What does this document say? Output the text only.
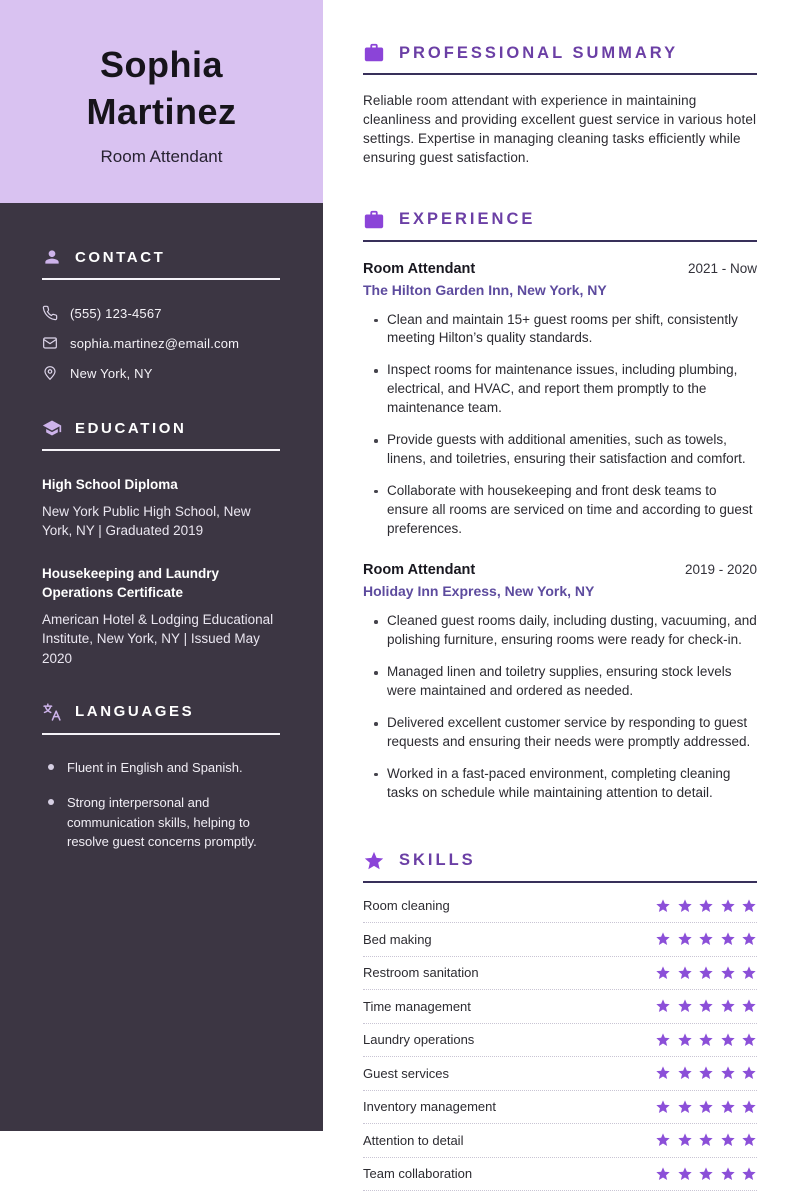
Sophia Martinez
Room Attendant
CONTACT
(555) 123-4567
sophia.martinez@email.com
New York, NY
EDUCATION
High School Diploma
New York Public High School, New York, NY | Graduated 2019
Housekeeping and Laundry Operations Certificate
American Hotel & Lodging Educational Institute, New York, NY | Issued May 2020
LANGUAGES
Fluent in English and Spanish.
Strong interpersonal and communication skills, helping to resolve guest concerns promptly.
PROFESSIONAL SUMMARY

Reliable room attendant with experience in maintaining cleanliness and providing excellent guest service in various hotel settings. Expertise in managing cleaning tasks efficiently while ensuring guest satisfaction.

EXPERIENCE
Room Attendant	2021 - Now
The Hilton Garden Inn, New York, NY
Clean and maintain 15+ guest rooms per shift, consistently meeting Hilton’s quality standards.
Inspect rooms for maintenance issues, including plumbing, electrical, and HVAC, and report them promptly to the maintenance team.
Provide guests with additional amenities, such as towels, linens, and toiletries, ensuring their satisfaction and comfort.
Collaborate with housekeeping and front desk teams to ensure all rooms are serviced on time and according to guest preferences.
Room Attendant	2019 - 2020
Holiday Inn Express, New York, NY
Cleaned guest rooms daily, including dusting, vacuuming, and polishing furniture, ensuring rooms were ready for check-in.
Managed linen and toiletry supplies, ensuring stock levels were maintained and ordered as needed.
Delivered excellent customer service by responding to guest requests and ensuring their needs were promptly addressed.
Worked in a fast-paced environment, completing cleaning tasks on schedule while maintaining attention to detail.
SKILLS
Room cleaning
Bed making
Restroom sanitation
Time management
Laundry operations
Guest services
Inventory management
Attention to detail
Team collaboration
